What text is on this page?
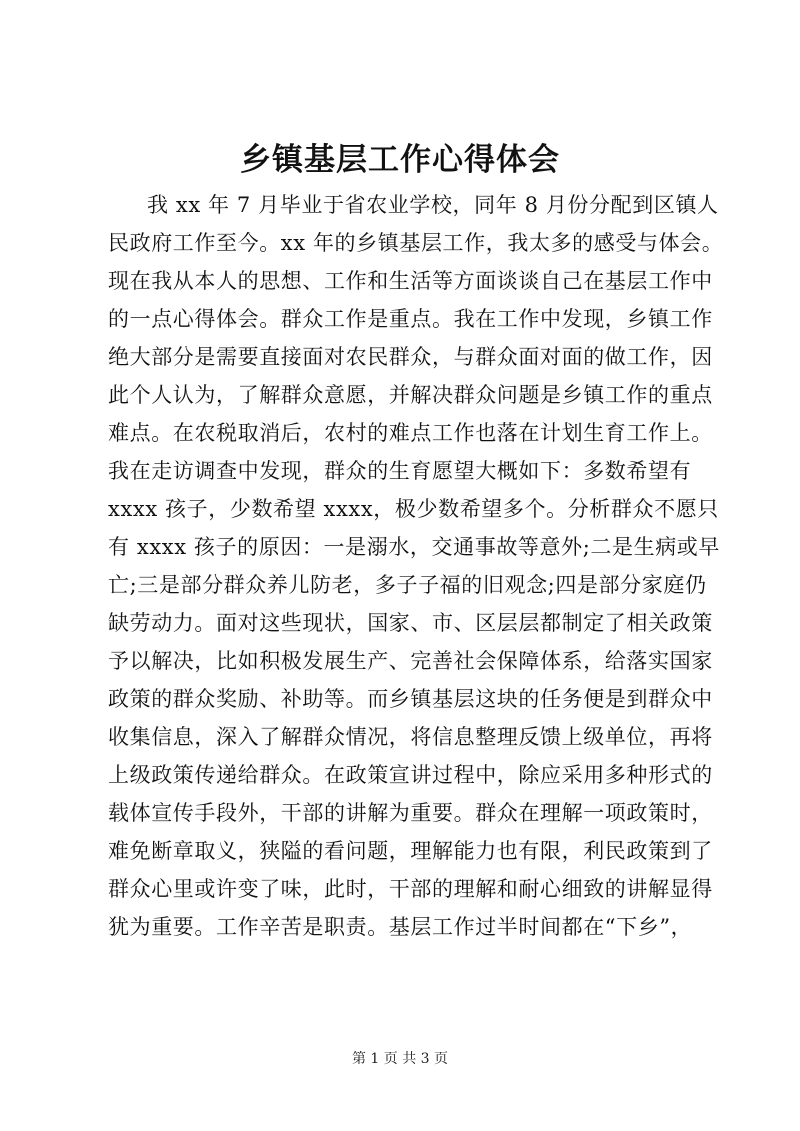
乡镇基层工作心得体会
我 xx 年 7 月毕业于省农业学校，同年 8 月份分配到区镇人
民政府工作至今。xx 年的乡镇基层工作，我太多的感受与体会。
现在我从本人的思想、工作和生活等方面谈谈自己在基层工作中
的一点心得体会。群众工作是重点。我在工作中发现，乡镇工作
绝大部分是需要直接面对农民群众，与群众面对面的做工作，因
此个人认为，了解群众意愿，并解决群众问题是乡镇工作的重点
难点。在农税取消后，农村的难点工作也落在计划生育工作上。
我在走访调查中发现，群众的生育愿望大概如下：多数希望有
xxxx 孩子，少数希望 xxxx，极少数希望多个。分析群众不愿只
有 xxxx 孩子的原因：一是溺水，交通事故等意外;二是生病或早
亡;三是部分群众养儿防老，多子子福的旧观念;四是部分家庭仍
缺劳动力。面对这些现状，国家、市、区层层都制定了相关政策
予以解决，比如积极发展生产、完善社会保障体系，给落实国家
政策的群众奖励、补助等。而乡镇基层这块的任务便是到群众中
收集信息，深入了解群众情况，将信息整理反馈上级单位，再将
上级政策传递给群众。在政策宣讲过程中，除应采用多种形式的
载体宣传手段外，干部的讲解为重要。群众在理解一项政策时，
难免断章取义，狭隘的看问题，理解能力也有限，利民政策到了
群众心里或许变了味，此时，干部的理解和耐心细致的讲解显得
犹为重要。工作辛苦是职责。基层工作过半时间都在“下乡”，
第 1 页 共 3 页
